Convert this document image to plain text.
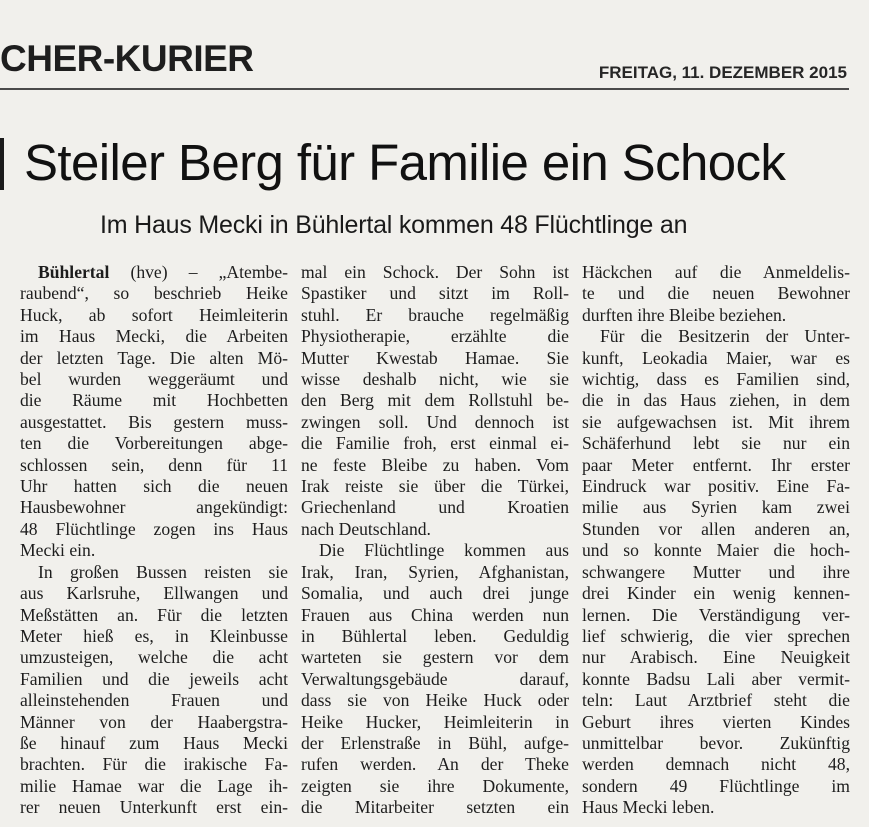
CHER-KURIER	FREITAG, 11. DEZEMBER 2015
Steiler Berg für Familie ein Schock
Im Haus Mecki in Bühlertal kommen 48 Flüchtlinge an
Bühlertal (hve) – „Atembe-
raubend“, so beschrieb Heike
Huck, ab sofort Heimleiterin
im Haus Mecki, die Arbeiten
der letzten Tage. Die alten Mö-
bel wurden weggeräumt und
die Räume mit Hochbetten
ausgestattet. Bis gestern muss-
ten die Vorbereitungen abge-
schlossen sein, denn für 11
Uhr hatten sich die neuen
Hausbewohner angekündigt:
48 Flüchtlinge zogen ins Haus
Mecki ein.
In großen Bussen reisten sie
aus Karlsruhe, Ellwangen und
Meßstätten an. Für die letzten
Meter hieß es, in Kleinbusse
umzusteigen, welche die acht
Familien und die jeweils acht
alleinstehenden Frauen und
Männer von der Haabergstra-
ße hinauf zum Haus Mecki
brachten. Für die irakische Fa-
milie Hamae war die Lage ih-
rer neuen Unterkunft erst ein-
mal ein Schock. Der Sohn ist
Spastiker und sitzt im Roll-
stuhl. Er brauche regelmäßig
Physiotherapie, erzählte die
Mutter Kwestab Hamae. Sie
wisse deshalb nicht, wie sie
den Berg mit dem Rollstuhl be-
zwingen soll. Und dennoch ist
die Familie froh, erst einmal ei-
ne feste Bleibe zu haben. Vom
Irak reiste sie über die Türkei,
Griechenland und Kroatien
nach Deutschland.
Die Flüchtlinge kommen aus
Irak, Iran, Syrien, Afghanistan,
Somalia, und auch drei junge
Frauen aus China werden nun
in Bühlertal leben. Geduldig
warteten sie gestern vor dem
Verwaltungsgebäude darauf,
dass sie von Heike Huck oder
Heike Hucker, Heimleiterin in
der Erlenstraße in Bühl, aufge-
rufen werden. An der Theke
zeigten sie ihre Dokumente,
die Mitarbeiter setzten ein
Häckchen auf die Anmeldelis-
te und die neuen Bewohner
durften ihre Bleibe beziehen.
Für die Besitzerin der Unter-
kunft, Leokadia Maier, war es
wichtig, dass es Familien sind,
die in das Haus ziehen, in dem
sie aufgewachsen ist. Mit ihrem
Schäferhund lebt sie nur ein
paar Meter entfernt. Ihr erster
Eindruck war positiv. Eine Fa-
milie aus Syrien kam zwei
Stunden vor allen anderen an,
und so konnte Maier die hoch-
schwangere Mutter und ihre
drei Kinder ein wenig kennen-
lernen. Die Verständigung ver-
lief schwierig, die vier sprechen
nur Arabisch. Eine Neuigkeit
konnte Badsu Lali aber vermit-
teln: Laut Arztbrief steht die
Geburt ihres vierten Kindes
unmittelbar bevor. Zukünftig
werden demnach nicht 48,
sondern 49 Flüchtlinge im
Haus Mecki leben.
